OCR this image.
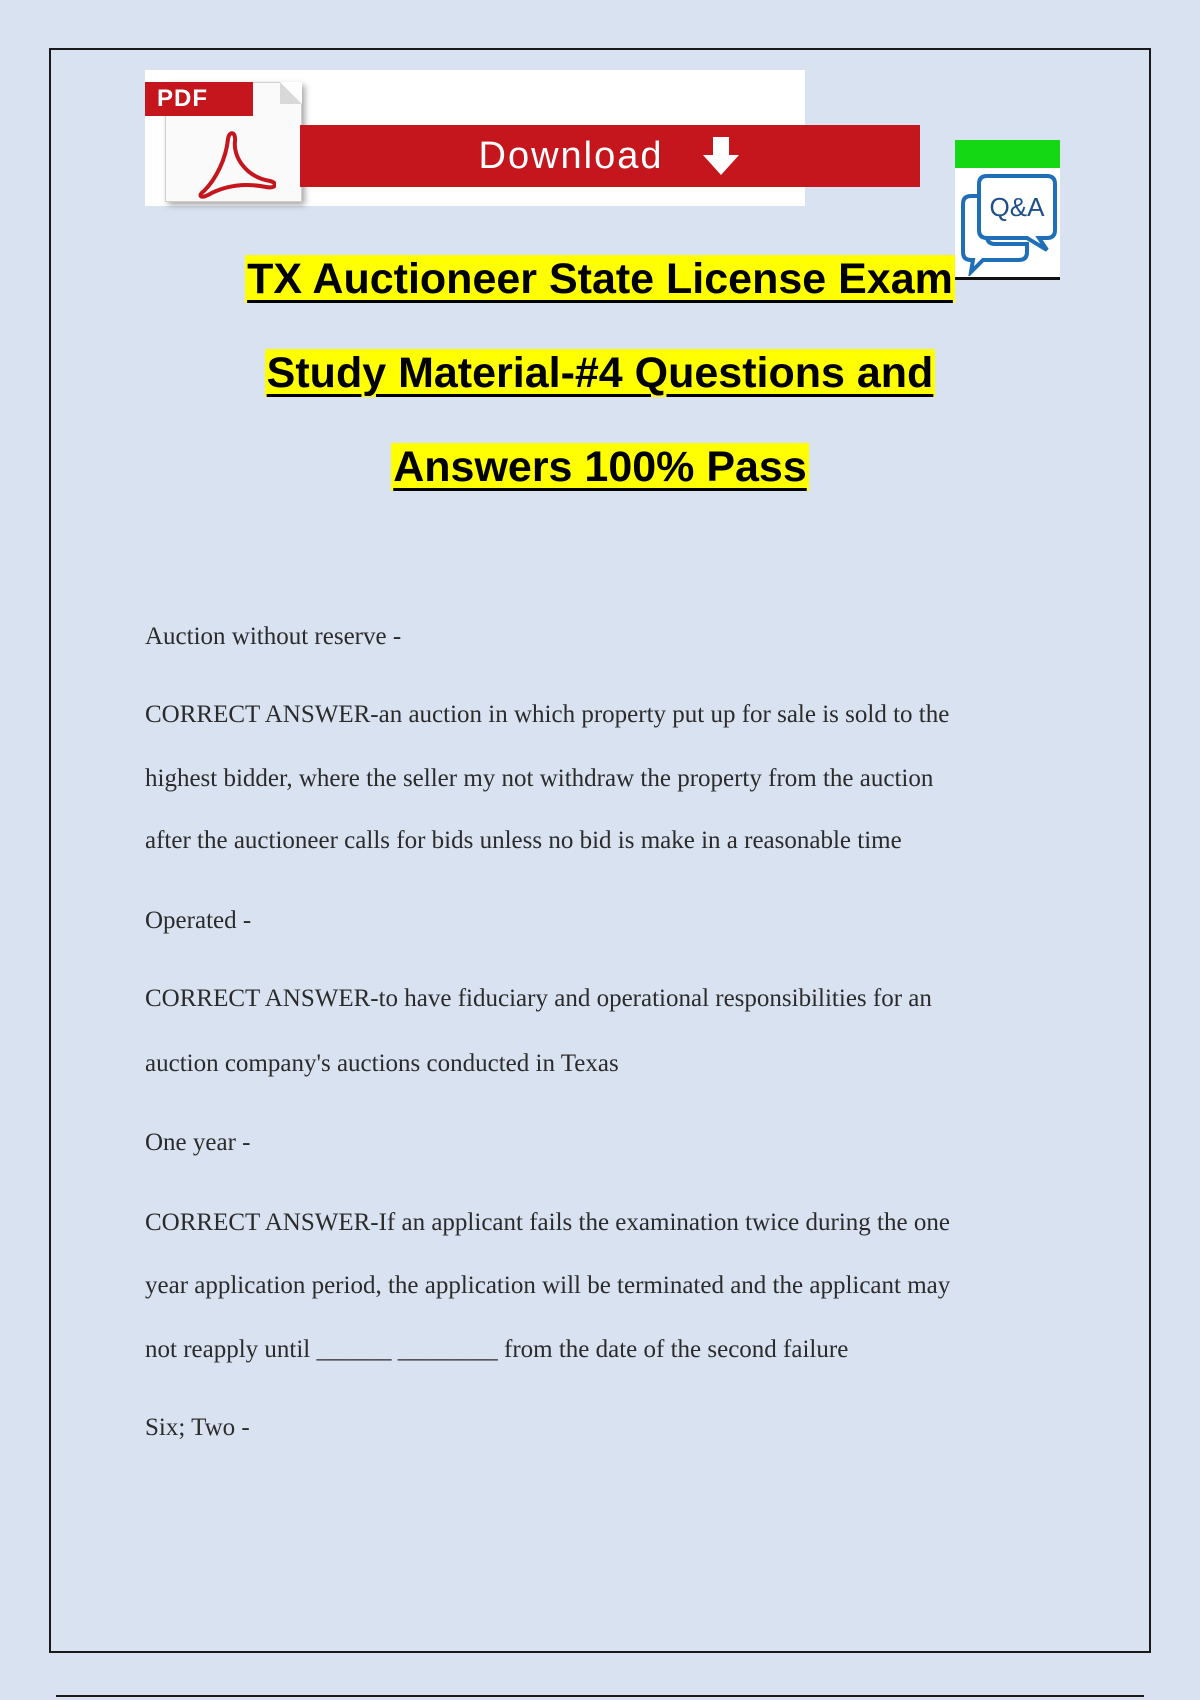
PDF
Download
Q&A
TX Auctioneer State License Exam
Study Material-#4 Questions and
Answers 100% Pass
Auction without reserve -
CORRECT ANSWER-an auction in which property put up for sale is sold to the
highest bidder, where the seller my not withdraw the property from the auction
after the auctioneer calls for bids unless no bid is make in a reasonable time
Operated -
CORRECT ANSWER-to have fiduciary and operational responsibilities for an
auction company's auctions conducted in Texas
One year -
CORRECT ANSWER-If an applicant fails the examination twice during the one
year application period, the application will be terminated and the applicant may
not reapply until ______ ________ from the date of the second failure
Six; Two -
